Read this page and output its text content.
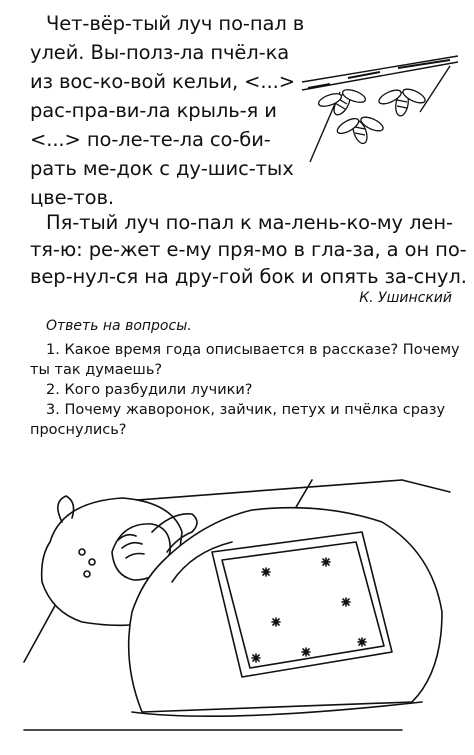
Чет-вёр-тый луч по-пал в
улей. Вы-полз-ла пчёл-ка
из вос-ко-вой кельи, <...>
рас-пра-ви-ла крыль-я и
<...> по-ле-те-ла со-би-
рать ме-док с ду-шис-тых
цве-тов.
Пя-тый луч по-пал к ма-лень-ко-му лен-
тя-ю: ре-жет е-му пря-мо в гла-за, а он по-
вер-нул-ся на дру-гой бок и опять за-снул.
К. Ушинский
Ответь на вопросы.
1. Какое время года описывается в рассказе? Почему
ты так думаешь?
2. Кого разбудили лучики?
3. Почему жаворонок, зайчик, петух и пчёлка сразу
проснулись?
